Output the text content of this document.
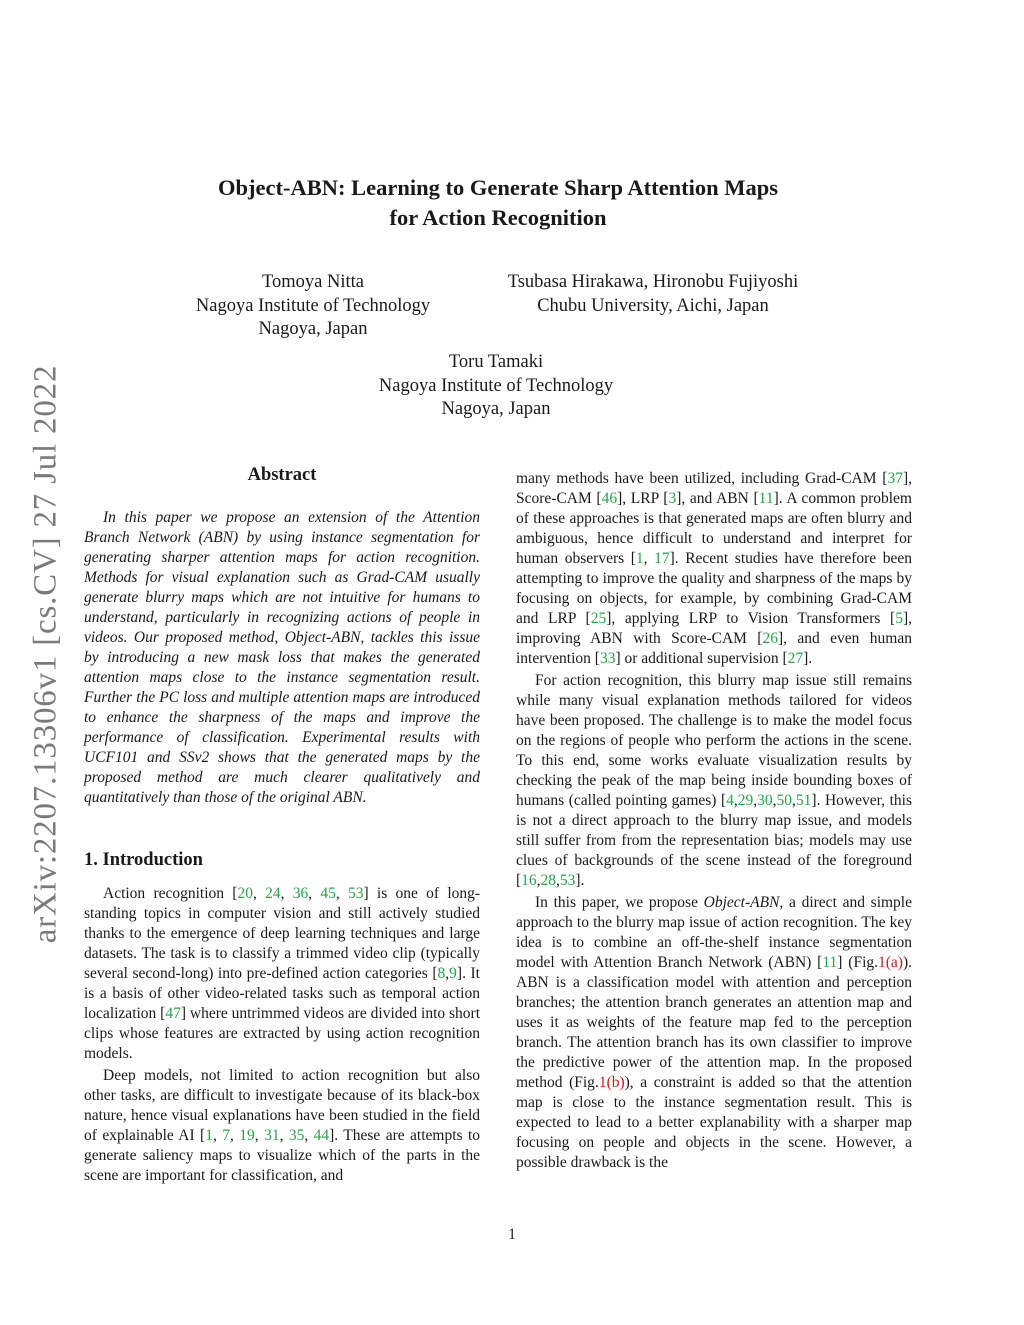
arXiv:2207.13306v1 [cs.CV] 27 Jul 2022
Object-ABN: Learning to Generate Sharp Attention Maps
for Action Recognition
Tomoya Nitta
Nagoya Institute of Technology
Nagoya, Japan
Tsubasa Hirakawa, Hironobu Fujiyoshi
Chubu University, Aichi, Japan
Toru Tamaki
Nagoya Institute of Technology
Nagoya, Japan
Abstract

In this paper we propose an extension of the Attention Branch Network (ABN) by using instance segmentation for generating sharper attention maps for action recognition. Methods for visual explanation such as Grad-CAM usually generate blurry maps which are not intuitive for humans to understand, particularly in recognizing actions of people in videos. Our proposed method, Object-ABN, tackles this issue by introducing a new mask loss that makes the generated attention maps close to the instance segmentation result. Further the PC loss and multiple attention maps are introduced to enhance the sharpness of the maps and improve the performance of classification. Experimental results with UCF101 and SSv2 shows that the generated maps by the proposed method are much clearer qualitatively and quantitatively than those of the original ABN.

1. Introduction

Action recognition [20, 24, 36, 45, 53] is one of long-standing topics in computer vision and still actively studied thanks to the emergence of deep learning techniques and large datasets. The task is to classify a trimmed video clip (typically several second-long) into pre-defined action categories [8,9]. It is a basis of other video-related tasks such as temporal action localization [47] where untrimmed videos are divided into short clips whose features are extracted by using action recognition models.

Deep models, not limited to action recognition but also other tasks, are difficult to investigate because of its black-box nature, hence visual explanations have been studied in the field of explainable AI [1, 7, 19, 31, 35, 44]. These are attempts to generate saliency maps to visualize which of the parts in the scene are important for classification, and

many methods have been utilized, including Grad-CAM [37], Score-CAM [46], LRP [3], and ABN [11]. A common problem of these approaches is that generated maps are often blurry and ambiguous, hence difficult to understand and interpret for human observers [1, 17]. Recent studies have therefore been attempting to improve the quality and sharpness of the maps by focusing on objects, for example, by combining Grad-CAM and LRP [25], applying LRP to Vision Transformers [5], improving ABN with Score-CAM [26], and even human intervention [33] or additional supervision [27].

For action recognition, this blurry map issue still remains while many visual explanation methods tailored for videos have been proposed. The challenge is to make the model focus on the regions of people who perform the actions in the scene. To this end, some works evaluate visualization results by checking the peak of the map being inside bounding boxes of humans (called pointing games) [4,29,30,50,51]. However, this is not a direct approach to the blurry map issue, and models still suffer from from the representation bias; models may use clues of backgrounds of the scene instead of the foreground [16,28,53].

In this paper, we propose Object-ABN, a direct and simple approach to the blurry map issue of action recognition. The key idea is to combine an off-the-shelf instance segmentation model with Attention Branch Network (ABN) [11] (Fig.1(a)). ABN is a classification model with attention and perception branches; the attention branch generates an attention map and uses it as weights of the feature map fed to the perception branch. The attention branch has its own classifier to improve the predictive power of the attention map. In the proposed method (Fig.1(b)), a constraint is added so that the attention map is close to the instance segmentation result. This is expected to lead to a better explanability with a sharper map focusing on people and objects in the scene. However, a possible drawback is the

1
